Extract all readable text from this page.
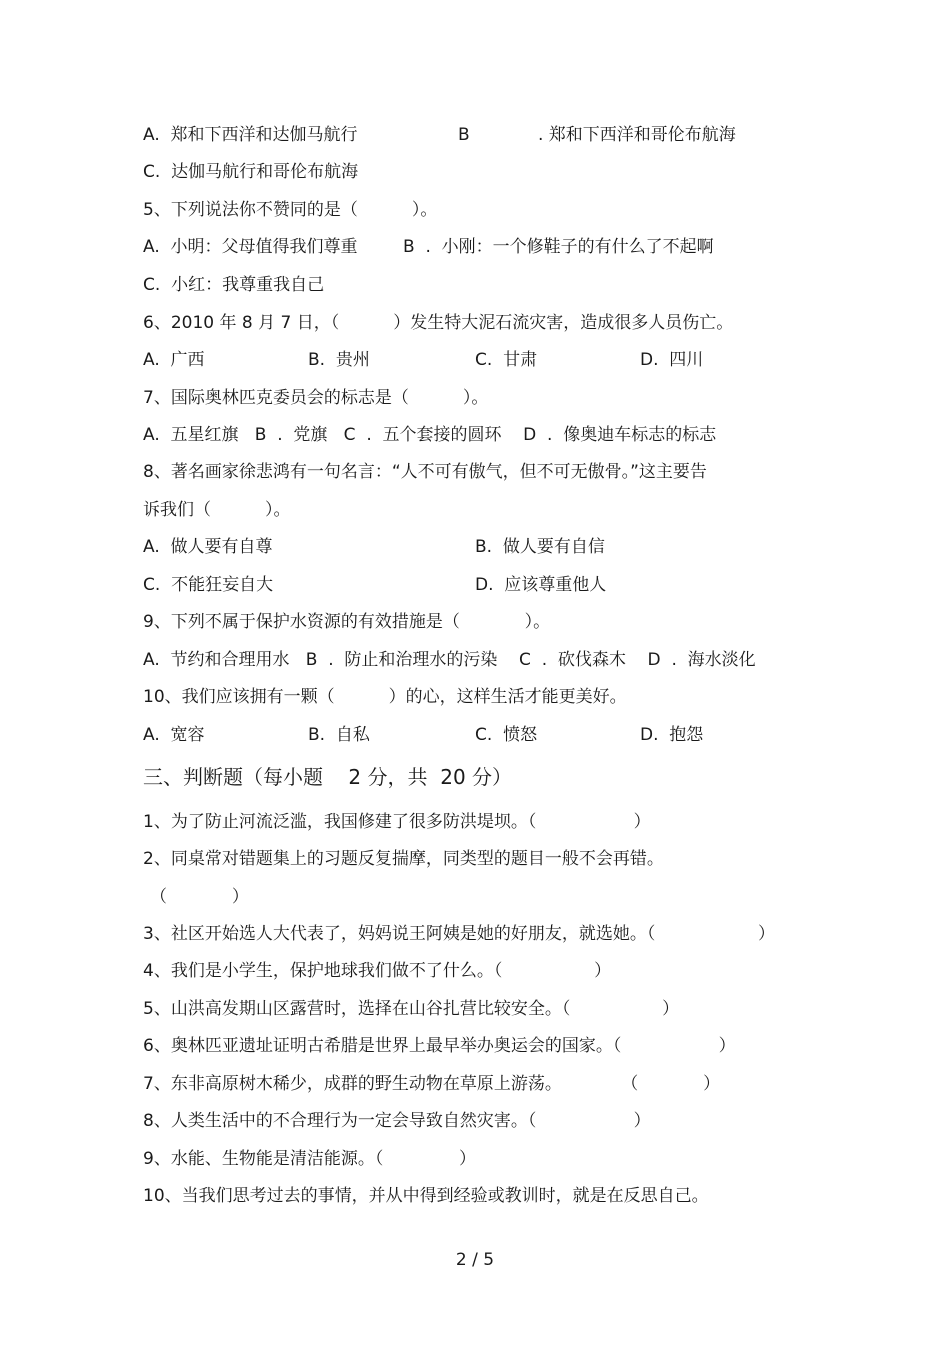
A.  郑和下西洋和达伽马航行	B	. 郑和下西洋和哥伦布航海
C.  达伽马航行和哥伦布航海
5、下列说法你不赞同的是（          ）。
A.  小明：父母值得我们尊重	B  .  小刚：一个修鞋子的有什么了不起啊
C.  小红：我尊重我自己
6、2010 年 8 月 7 日，（          ）发生特大泥石流灾害，造成很多人员伤亡。
A.  广西	B.  贵州	C.  甘肃	D.  四川
7、国际奥林匹克委员会的标志是（          ）。
A.  五星红旗   B  .  党旗   C  .  五个套接的圆环    D  .  像奥迪车标志的标志
8、著名画家徐悲鸿有一句名言：“人不可有傲气，但不可无傲骨。”这主要告
诉我们（          ）。
A.  做人要有自尊	B.  做人要有自信
C.  不能狂妄自大	D.  应该尊重他人
9、下列不属于保护水资源的有效措施是（            ）。
A.  节约和合理用水   B  .  防止和治理水的污染    C  .  砍伐森木    D  .  海水淡化
10、我们应该拥有一颗（          ）的心，这样生活才能更美好。
A.  宽容	B.  自私	C.  愤怒	D.  抱怨
三、判断题（每小题    2 分，共  20 分）
1、为了防止河流泛滥，我国修建了很多防洪堤坝。（                  ）
2、同桌常对错题集上的习题反复揣摩，同类型的题目一般不会再错。
（            ）
3、社区开始选人大代表了，妈妈说王阿姨是她的好朋友，就选她。（                   ）
4、我们是小学生，保护地球我们做不了什么。（                 ）
5、山洪高发期山区露营时，选择在山谷扎营比较安全。（                 ）
6、奥林匹亚遗址证明古希腊是世界上最早举办奥运会的国家。（                  ）
7、东非高原树木稀少，成群的野生动物在草原上游荡。           （            ）
8、人类生活中的不合理行为一定会导致自然灾害。（                  ）
9、水能、生物能是清洁能源。（              ）
10、当我们思考过去的事情，并从中得到经验或教训时，就是在反思自己。
2 / 5
